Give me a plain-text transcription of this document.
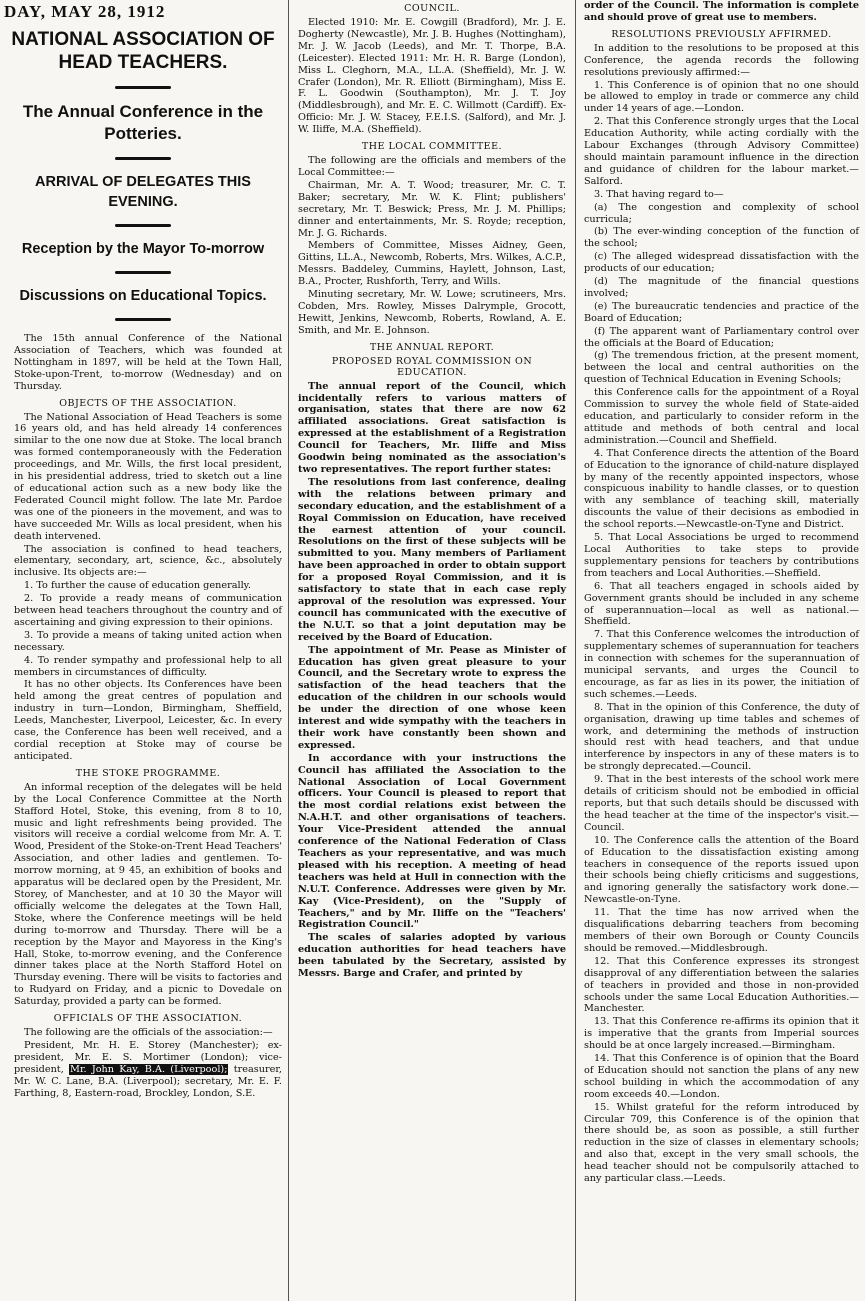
DAY, MAY 28, 1912
NATIONAL ASSOCIATION OF
HEAD TEACHERS.
The Annual Conference in the
Potteries.
ARRIVAL OF DELEGATES THIS
EVENING.
Reception by the Mayor To-morrow
Discussions on Educational Topics.

The 15th annual Conference of the National Association of Teachers, which was founded at Nottingham in 1897, will be held at the Town Hall, Stoke-upon-Trent, to-morrow (Wednesday) and on Thursday.

OBJECTS OF THE ASSOCIATION.

The National Association of Head Teachers is some 16 years old, and has held already 14 conferences similar to the one now due at Stoke. The local branch was formed contemporaneously with the Federation proceedings, and Mr. Wills, the first local president, in his presidential address, tried to sketch out a line of educational action such as a new body like the Federated Council might follow. The late Mr. Pardoe was one of the pioneers in the movement, and was to have succeeded Mr. Wills as local president, when his death intervened.

The association is confined to head teachers, elementary, secondary, art, science, &c., absolutely inclusive. Its objects are:—

1. To further the cause of education generally.

2. To provide a ready means of communication between head teachers throughout the country and of ascertaining and giving expression to their opinions.

3. To provide a means of taking united action when necessary.

4. To render sympathy and professional help to all members in circumstances of difficulty.

It has no other objects. Its Conferences have been held among the great centres of population and industry in turn—London, Birmingham, Sheffield, Leeds, Manchester, Liverpool, Leicester, &c. In every case, the Conference has been well received, and a cordial reception at Stoke may of course be anticipated.

THE STOKE PROGRAMME.

An informal reception of the delegates will be held by the Local Conference Committee at the North Stafford Hotel, Stoke, this evening, from 8 to 10, music and light refreshments being provided. The visitors will receive a cordial welcome from Mr. A. T. Wood, President of the Stoke-on-Trent Head Teachers' Association, and other ladies and gentlemen. To-morrow morning, at 9 45, an exhibition of books and apparatus will be declared open by the President, Mr. Storey, of Manchester, and at 10 30 the Mayor will officially welcome the delegates at the Town Hall, Stoke, where the Conference meetings will be held during to-morrow and Thursday. There will be a reception by the Mayor and Mayoress in the King's Hall, Stoke, to-morrow evening, and the Conference dinner takes place at the North Stafford Hotel on Thursday evening. There will be visits to factories and to Rudyard on Friday, and a picnic to Dovedale on Saturday, provided a party can be formed.

OFFICIALS OF THE ASSOCIATION.

The following are the officials of the association:—

President, Mr. H. E. Storey (Manchester); ex-president, Mr. E. S. Mortimer (London); vice-president, Mr. John Kay, B.A. (Liverpool); treasurer, Mr. W. C. Lane, B.A. (Liverpool); secretary, Mr. E. F. Farthing, 8, Eastern-road, Brockley, London, S.E.

COUNCIL.

Elected 1910: Mr. E. Cowgill (Bradford), Mr. J. E. Dogherty (Newcastle), Mr. J. B. Hughes (Nottingham), Mr. J. W. Jacob (Leeds), and Mr. T. Thorpe, B.A. (Leicester). Elected 1911: Mr. H. R. Barge (London), Miss L. Cleghorn, M.A., LL.A. (Sheffield), Mr. J. W. Crafer (London), Mr. R. Elliott (Birmingham), Miss E. F. L. Goodwin (Southampton), Mr. J. T. Joy (Middlesbrough), and Mr. E. C. Willmott (Cardiff). Ex-Officio: Mr. J. W. Stacey, F.E.I.S. (Salford), and Mr. J. W. Iliffe, M.A. (Sheffield).

THE LOCAL COMMITTEE.

The following are the officials and members of the Local Committee:—

Chairman, Mr. A. T. Wood; treasurer, Mr. C. T. Baker; secretary, Mr. W. K. Flint; publishers' secretary, Mr. T. Beswick; Press, Mr. J. M. Phillips; dinner and entertainments, Mr. S. Royde; reception, Mr. J. G. Richards.

Members of Committee, Misses Aidney, Geen, Gittins, LL.A., Newcomb, Roberts, Mrs. Wilkes, A.C.P., Messrs. Baddeley, Cummins, Haylett, Johnson, Last, B.A., Procter, Rushforth, Terry, and Wills.

Minuting secretary, Mr. W. Lowe; scrutineers, Mrs. Cobden, Mrs. Rowley, Misses Dalrymple, Grocott, Hewitt, Jenkins, Newcomb, Roberts, Rowland, A. E. Smith, and Mr. E. Johnson.

THE ANNUAL REPORT.
PROPOSED ROYAL COMMISSION ON EDUCATION.

The annual report of the Council, which incidentally refers to various matters of organisation, states that there are now 62 affiliated associations. Great satisfaction is expressed at the establishment of a Registration Council for Teachers, Mr. Iliffe and Miss Goodwin being nominated as the association's two representatives. The report further states:

The resolutions from last conference, dealing with the relations between primary and secondary education, and the establishment of a Royal Commission on Education, have received the earnest attention of your council. Resolutions on the first of these subjects will be submitted to you. Many members of Parliament have been approached in order to obtain support for a proposed Royal Commission, and it is satisfactory to state that in each case reply approval of the resolution was expressed. Your council has communicated with the executive of the N.U.T. so that a joint deputation may be received by the Board of Education.

The appointment of Mr. Pease as Minister of Education has given great pleasure to your Council, and the Secretary wrote to express the satisfaction of the head teachers that the education of the children in our schools would be under the direction of one whose keen interest and wide sympathy with the teachers in their work have constantly been shown and expressed.

In accordance with your instructions the Council has affiliated the Association to the National Association of Local Government officers. Your Council is pleased to report that the most cordial relations exist between the N.A.H.T. and other organisations of teachers. Your Vice-President attended the annual conference of the National Federation of Class Teachers as your representative, and was much pleased with his reception. A meeting of head teachers was held at Hull in connection with the N.U.T. Conference. Addresses were given by Mr. Kay (Vice-President), on the "Supply of Teachers," and by Mr. Iliffe on the "Teachers' Registration Council."

The scales of salaries adopted by various education authorities for head teachers have been tabulated by the Secretary, assisted by Messrs. Barge and Crafer, and printed by

order of the Council. The information is complete and should prove of great use to members.

RESOLUTIONS PREVIOUSLY AFFIRMED.

In addition to the resolutions to be proposed at this Conference, the agenda records the following resolutions previously affirmed:—

1. This Conference is of opinion that no one should be allowed to employ in trade or commerce any child under 14 years of age.—London.

2. That this Conference strongly urges that the Local Education Authority, while acting cordially with the Labour Exchanges (through Advisory Committee) should maintain paramount influence in the direction and guidance of children for the labour market.—Salford.

3. That having regard to—

(a) The congestion and complexity of school curricula;

(b) The ever-winding conception of the function of the school;

(c) The alleged widespread dissatisfaction with the products of our education;

(d) The magnitude of the financial questions involved;

(e) The bureaucratic tendencies and practice of the Board of Education;

(f) The apparent want of Parliamentary control over the officials at the Board of Education;

(g) The tremendous friction, at the present moment, between the local and central authorities on the question of Technical Education in Evening Schools;

this Conference calls for the appointment of a Royal Commission to survey the whole field of State-aided education, and particularly to consider reform in the attitude and methods of both central and local administration.—Council and Sheffield.

4. That Conference directs the attention of the Board of Education to the ignorance of child-nature displayed by many of the recently appointed inspectors, whose conspicuous inability to handle classes, or to question with any semblance of teaching skill, materially discounts the value of their decisions as embodied in the school reports.—Newcastle-on-Tyne and District.

5. That Local Associations be urged to recommend Local Authorities to take steps to provide supplementary pensions for teachers by contributions from teachers and Local Authorities.—Sheffield.

6. That all teachers engaged in schools aided by Government grants should be included in any scheme of superannuation—local as well as national.—Sheffield.

7. That this Conference welcomes the introduction of supplementary schemes of superannuation for teachers in connection with schemes for the superannuation of municipal servants, and urges the Council to encourage, as far as lies in its power, the initiation of such schemes.—Leeds.

8. That in the opinion of this Conference, the duty of organisation, drawing up time tables and schemes of work, and determining the methods of instruction should rest with head teachers, and that undue interference by inspectors in any of these maters is to be strongly deprecated.—Council.

9. That in the best interests of the school work mere details of criticism should not be embodied in official reports, but that such details should be discussed with the head teacher at the time of the inspector's visit.—Council.

10. The Conference calls the attention of the Board of Education to the dissatisfaction existing among teachers in consequence of the reports issued upon their schools being chiefly criticisms and suggestions, and ignoring generally the satisfactory work done.—Newcastle-on-Tyne.

11. That the time has now arrived when the disqualifications debarring teachers from becoming members of their own Borough or County Councils should be removed.—Middlesbrough.

12. That this Conference expresses its strongest disapproval of any differentiation between the salaries of teachers in provided and those in non-provided schools under the same Local Education Authorities.—Manchester.

13. That this Conference re-affirms its opinion that it is imperative that the grants from Imperial sources should be at once largely increased.—Birmingham.

14. That this Conference is of opinion that the Board of Education should not sanction the plans of any new school building in which the accommodation of any room exceeds 40.—London.

15. Whilst grateful for the reform introduced by Circular 709, this Conference is of the opinion that there should be, as soon as possible, a still further reduction in the size of classes in elementary schools; and also that, except in the very small schools, the head teacher should not be compulsorily attached to any particular class.—Leeds.
